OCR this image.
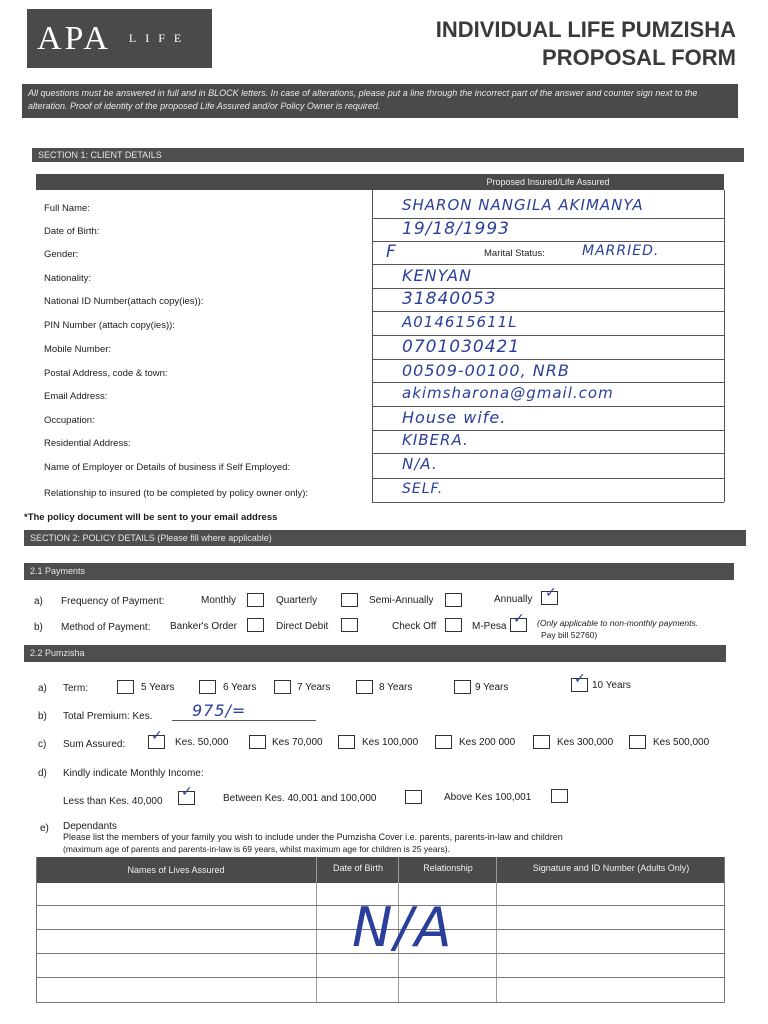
APA LIFE	INDIVIDUAL LIFE PUMZISHA
PROPOSAL FORM
All questions must be answered in full and in BLOCK letters. In case of alterations, please put a line through the incorrect part of the answer and counter sign next to the alteration. Proof of identity of the proposed Life Assured and/or Policy Owner is required.
SECTION 1: CLIENT DETAILS
Proposed Insured/Life Assured
Full Name:	SHARON NANGILA AKIMANYA
Date of Birth:	19/18/1993
Gender:	F
Nationality:	KENYAN
National ID Number(attach copy(ies)):	31840053
PIN Number (attach copy(ies)):	A014615611L
Mobile Number:	0701030421
Postal Address, code & town:	00509-00100, NRB
Email Address:	akimsharona@gmail.com
Occupation:	House wife.
Residential Address:	KIBERA.
Name of Employer or Details of business if Self Employed:	N/A.
Relationship to insured (to be completed by policy owner only):	SELF.
Marital Status:	MARRIED.
*The policy document will be sent to your email address
SECTION 2: POLICY DETAILS (Please fill where applicable)
2.1 Payments
a) Frequency of Payment:	Monthly	Quarterly	Semi-Annually	Annually ✓
b) Method of Payment: Banker's Order	Direct Debit	Check Off	M-Pesa ✓ (Only applicable to non-monthly payments.
Pay bill 52760)
2.2 Pumzisha
a) Term:	5 Years	6 Years	7 Years	8 Years	9 Years
✓ 10 Years
b) Total Premium: Kes. 975/=
c) Sum Assured:
✓ Kes. 50,000	Kes 70,000	Kes 100,000	Kes 200 000	Kes 300,000	Kes 500,000
d) Kindly indicate Monthly Income:
Less than Kes. 40,000
✓	Between Kes. 40,001 and 100,000	Above Kes 100,001
e) Dependants
Please list the members of your family you wish to include under the Pumzisha Cover i.e. parents, parents-in-law and children
(maximum age of parents and parents-in-law is 69 years, whilst maximum age for children is 25 years).
Names of Lives Assured	Date of Birth	Relationship	Signature and ID Number (Adults Only)
N/A
